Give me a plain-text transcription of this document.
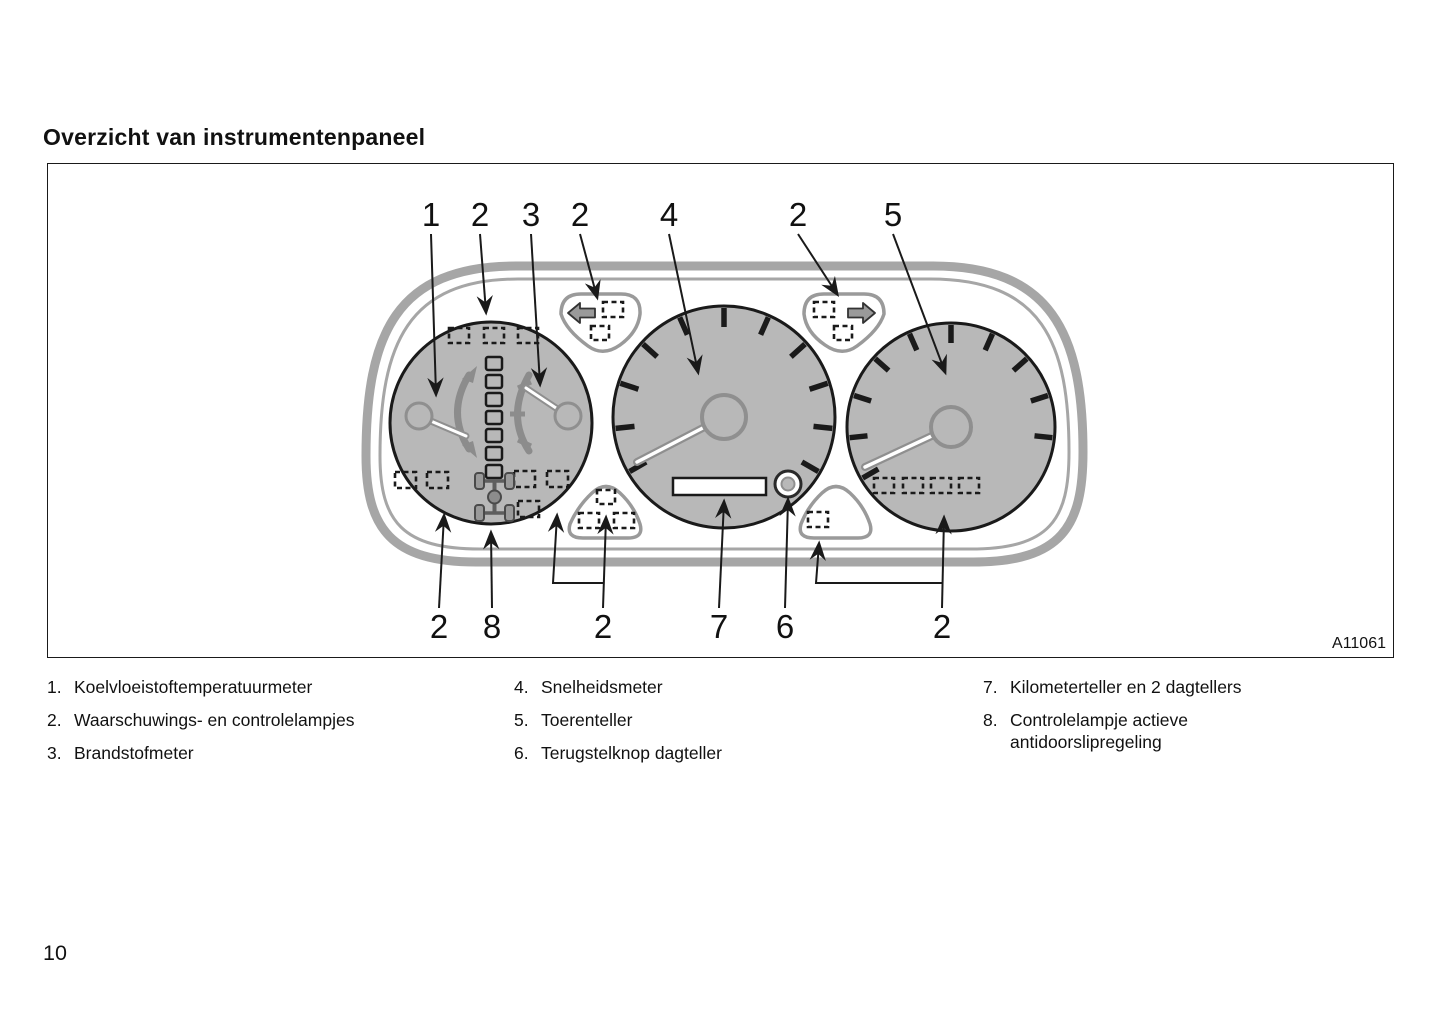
Overzicht van instrumentenpaneel
1 2 3 2 4	2 5
2 8	2	7 6	2	A11061
1. Koelvloeistoftemperatuurmeter
2. Waarschuwings- en controlelampjes
3. Brandstofmeter
4. Snelheidsmeter
5. Toerenteller
6. Terugstelknop dagteller
7. Kilometerteller en 2 dagtellers
8. Controlelampje actieve antidoorslipregeling
10
